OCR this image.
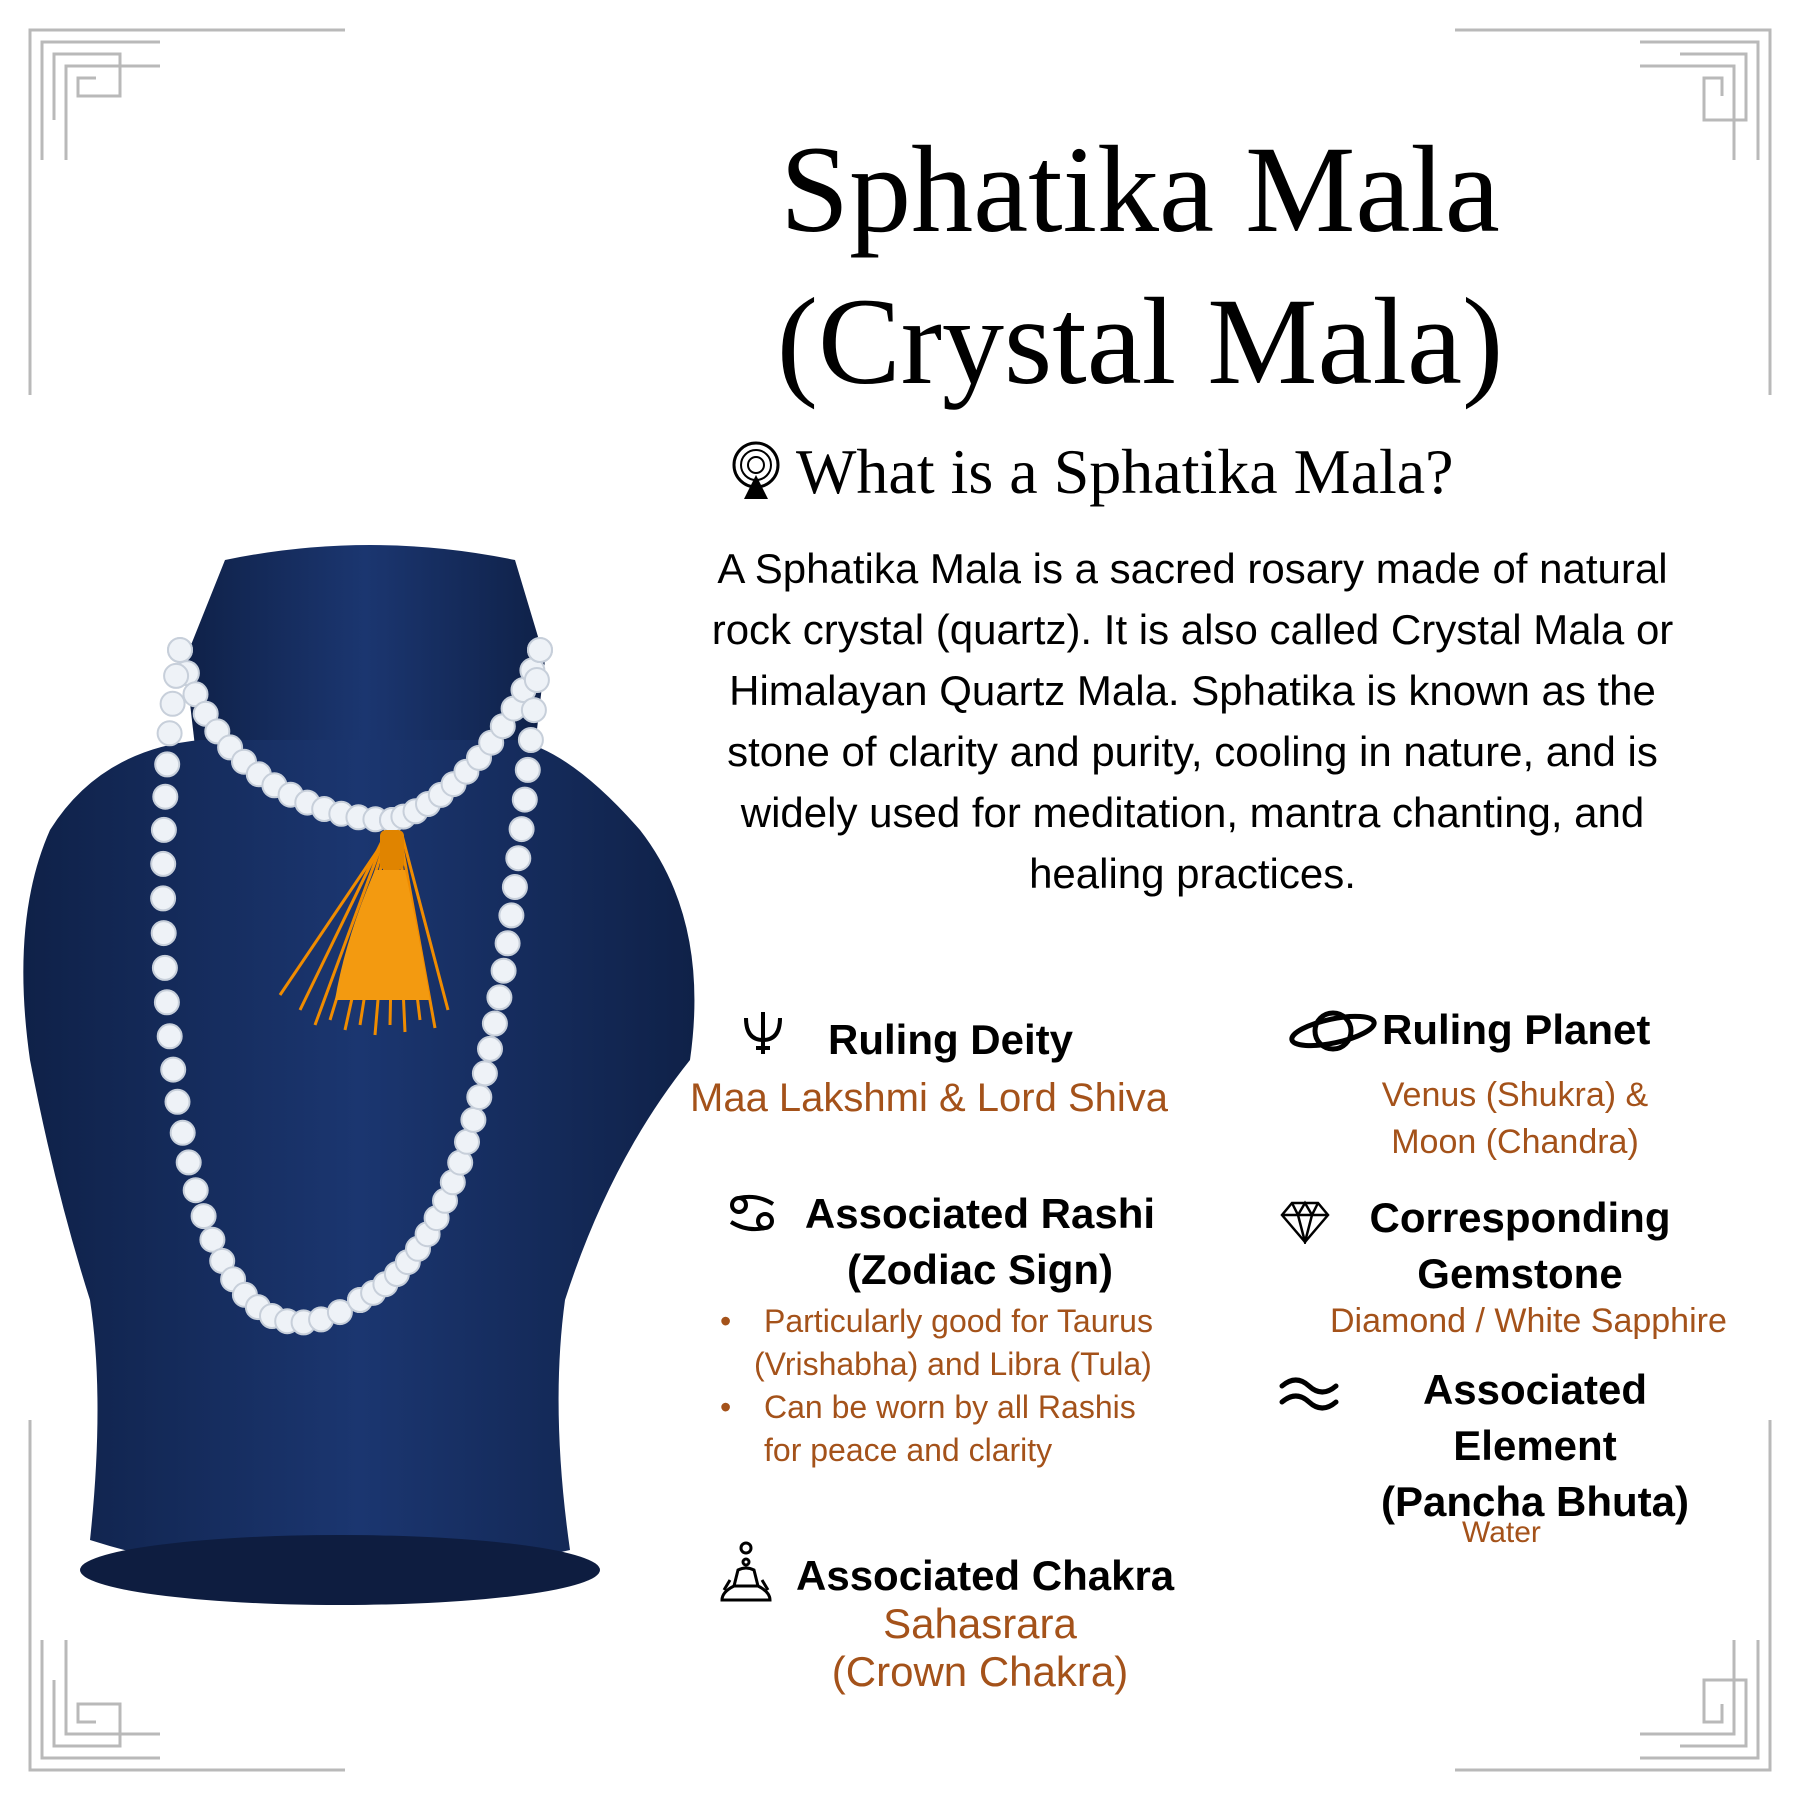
Sphatika Mala
(Crystal Mala)
What is a Sphatika Mala?
A Sphatika Mala is a sacred rosary made of natural rock crystal (quartz). It is also called Crystal Mala or Himalayan Quartz Mala. Sphatika is known as the stone of clarity and purity, cooling in nature, and is widely used for meditation, mantra chanting, and healing practices.
Ruling Deity
Maa Lakshmi & Lord Shiva
Ruling Planet
Venus (Shukra) &
Moon (Chandra)
Associated Rashi
(Zodiac Sign)
• Particularly good for Taurus
(Vrishabha) and Libra (Tula)
• Can be worn by all Rashis
for peace and clarity
Corresponding
Gemstone
Diamond / White Sapphire
Associated
Element
(Pancha Bhuta)
Water
Associated Chakra
Sahasrara
(Crown Chakra)
